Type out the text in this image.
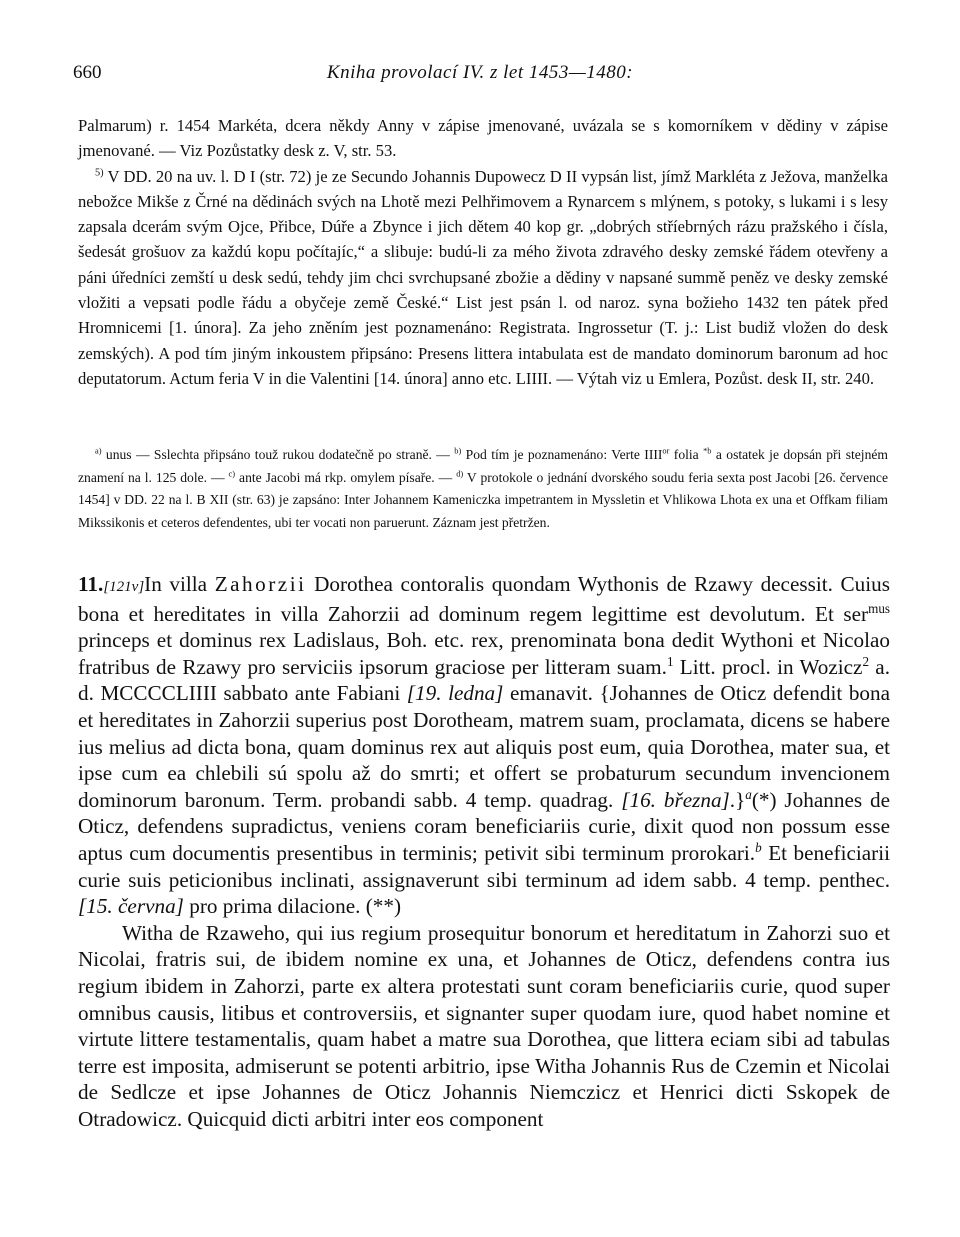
660	Kniha provolací IV. z let 1453—1480:

Palmarum) r. 1454 Markéta, dcera někdy Anny v zápise jmenované, uvázala se s komorníkem v dědiny v zápise jmenované. — Viz Pozůstatky desk z. V, str. 53.

$^{5)}$ V DD. 20 na uv. l. D I (str. 72) je ze Secundo Johannis Dupowecz D II vypsán list, jímž Markléta z Ježova, manželka nebožce Mikše z Črné na dědinách svých na Lhotě mezi Pelhřimovem a Rynarcem s mlýnem, s potoky, s lukami i s lesy zapsala dcerám svým Ojce, Přibce, Dúře a Zbynce i jich dětem 40 kop gr. „dobrých stříebrných rázu pražského i čísla, šedesát grošuov za každú kopu počítajíc,“ a slibuje: budú-li za mého života zdravého desky zemské řádem otevřeny a páni úředníci zemští u desk sedú, tehdy jim chci svrchupsané zbožie a dědiny v napsané summě peněz ve desky zemské vložiti a vepsati podle řádu a obyčeje země České.“ List jest psán l. od naroz. syna božieho 1432 ten pátek před Hromnicemi [1. února]. Za jeho zněním jest poznamenáno: Registrata. Ingrossetur (T. j.: List budiž vložen do desk zemských). A pod tím jiným inkoustem připsáno: Presens littera intabulata est de mandato dominorum baronum ad hoc deputatorum. Actum feria V in die Valentini [14. února] anno etc. LIIII. — Výtah viz u Emlera, Pozůst. desk II, str. 240.

$^{a)}$ unus — Sslechta připsáno touž rukou dodatečně po straně. — $^{b)}$ Pod tím je poznamenáno: Verte $IIII^{or}$ folia $^{*b}$ a ostatek je dopsán při stejném znamení na l. 125 dole. — $^{c)}$ ante Jacobi má rkp. omylem písaře. — $^{d)}$ V protokole o jednání dvorského soudu feria sexta post Jacobi [26. července 1454] v DD. 22 na l. B XII (str. 63) je zapsáno: Inter Johannem Kameniczka impetrantem in Myssletin et Vhlikowa Lhota ex una et Offkam filiam Mikssikonis et ceteros defendentes, ubi ter vocati non paruerunt. Záznam jest přetržen.

11.[121v]In villa Zahorzii Dorothea contoralis quondam Wythonis de Rzawy decessit. Cuius bona et hereditates in villa Zahorzii ad dominum regem legittime est devolutum. Et ser$^{mus}$ princeps et dominus rex Ladislaus, Boh. etc. rex, prenominata bona dedit Wythoni et Nicolao fratribus de Rzawy pro serviciis ipsorum graciose per litteram suam.$^1$ Litt. procl. in Wozicz$^2$ a. d. MCCCCLIIII sabbato ante Fabiani [19. ledna] emanavit. {Johannes de Oticz defendit bona et hereditates in Zahorzii superius post Dorotheam, matrem suam, proclamata, dicens se habere ius melius ad dicta bona, quam dominus rex aut aliquis post eum, quia Dorothea, mater sua, et ipse cum ea chlebili sú spolu až do smrti; et offert se probaturum secundum invencionem dominorum baronum. Term. probandi sabb. 4 temp. quadrag. [16. března].}$^a$(*) Johannes de Oticz, defendens supradictus, veniens coram beneficiariis curie, dixit quod non possum esse aptus cum documentis presentibus in terminis; petivit sibi terminum prorokari.$^b$ Et beneficiarii curie suis peticionibus inclinati, assignaverunt sibi terminum ad idem sabb. 4 temp. penthec. [15. června] pro prima dilacione. (**)

Witha de Rzaweho, qui ius regium prosequitur bonorum et hereditatum in Zahorzi suo et Nicolai, fratris sui, de ibidem nomine ex una, et Johannes de Oticz, defendens contra ius regium ibidem in Zahorzi, parte ex altera protestati sunt coram beneficiariis curie, quod super omnibus causis, litibus et controversiis, et signanter super quodam iure, quod habet nomine et virtute littere testamentalis, quam habet a matre sua Dorothea, que littera eciam sibi ad tabulas terre est imposita, admiserunt se potenti arbitrio, ipse Witha Johannis Rus de Czemin et Nicolai de Sedlcze et ipse Johannes de Oticz Johannis Niemczicz et Henrici dicti Sskopek de Otradowicz. Quicquid dicti arbitri inter eos component
